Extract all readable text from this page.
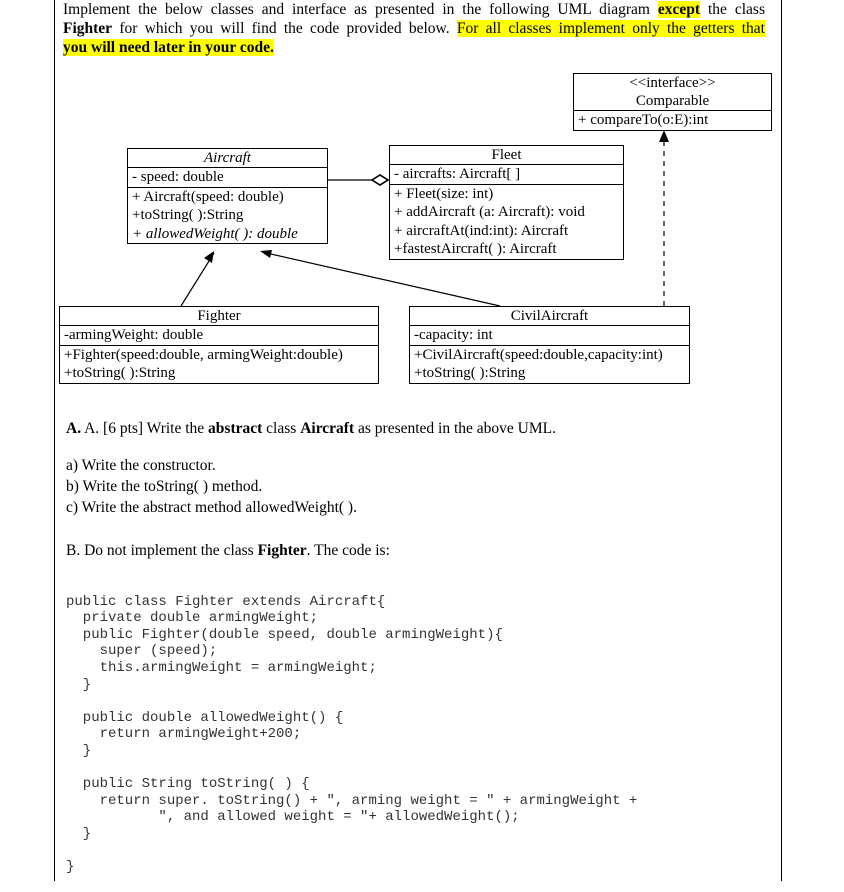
Implement the below classes and interface as presented in the following UML diagram except the class
Fighter for which you will find the code provided below. For all classes implement only the getters that
you will need later in your code.
<<interface>>
Comparable
+ compareTo(o:E):int
Aircraft
- speed: double
+ Aircraft(speed: double)
+toString( ):String
+ allowedWeight( ): double
Fleet
- aircrafts: Aircraft[ ]
+ Fleet(size: int)
+ addAircraft (a: Aircraft): void
+ aircraftAt(ind:int): Aircraft
+fastestAircraft( ): Aircraft
Fighter
-armingWeight: double
+Fighter(speed:double, armingWeight:double)
+toString( ):String
CivilAircraft
-capacity: int
+CivilAircraft(speed:double,capacity:int)
+toString( ):String
A. A. [6 pts] Write the abstract class Aircraft as presented in the above UML.
a) Write the constructor.
b) Write the toString( ) method.
c) Write the abstract method allowedWeight( ).
B. Do not implement the class Fighter. The code is:

public class Fighter extends Aircraft{
private double armingWeight;
public Fighter(double speed, double armingWeight){
super (speed);
this.armingWeight = armingWeight;
}
public double allowedWeight() {
return armingWeight+200;
}
public String toString( ) {
return super. toString() + ", arming weight = " + armingWeight +
", and allowed weight = "+ allowedWeight();
}
}
